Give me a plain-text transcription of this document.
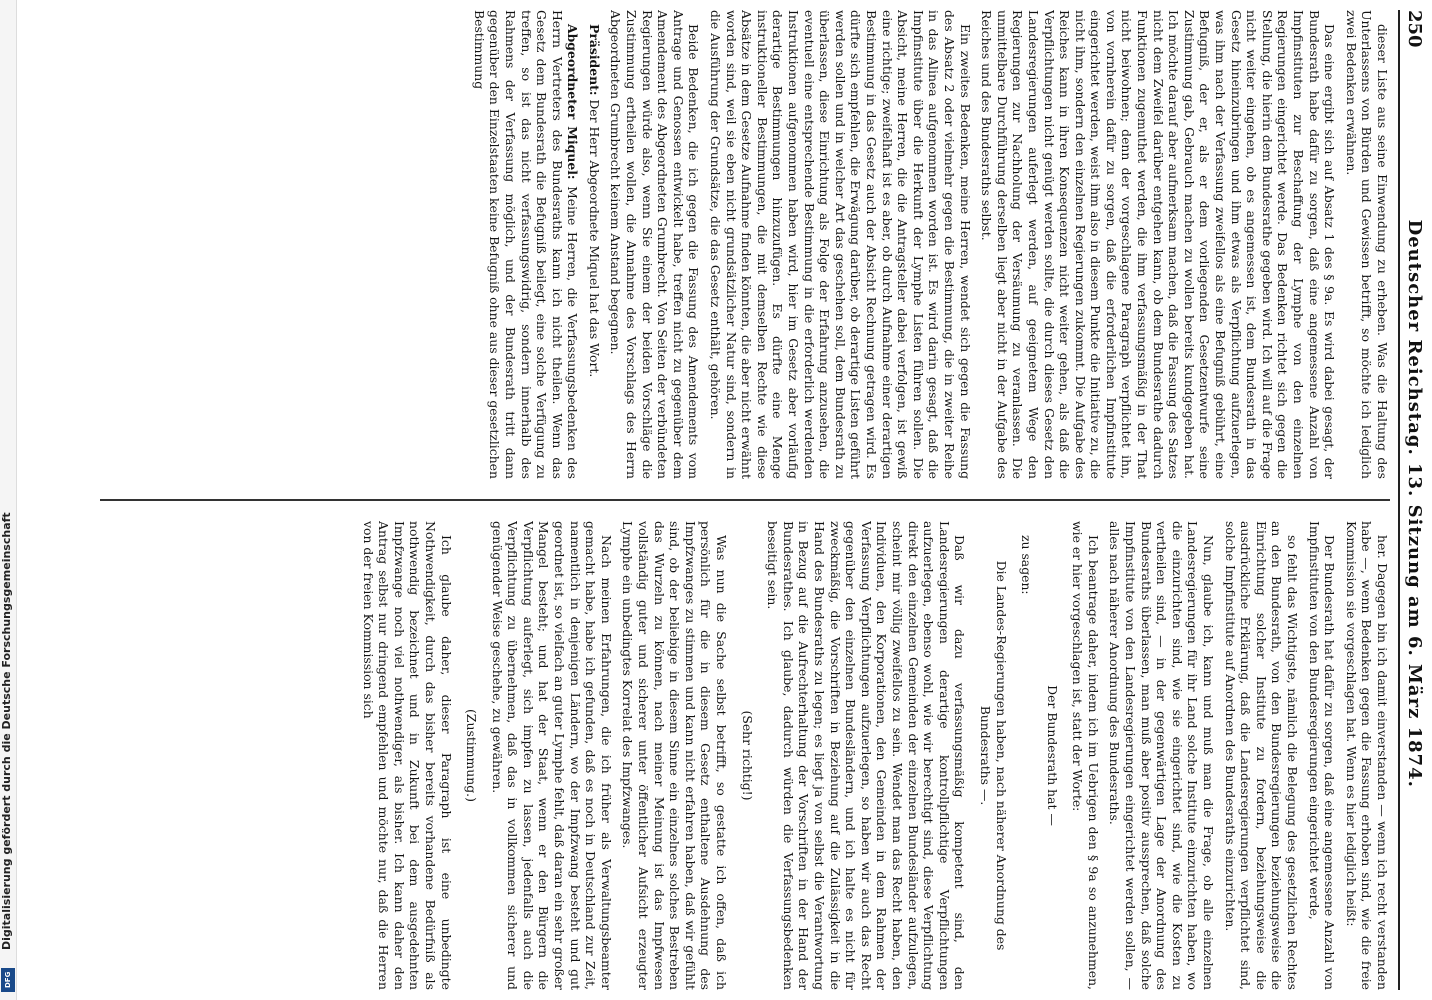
Digitalisierung gefördert durch die Deutsche Forschungsgemeinschaft
DFG
250
Deutscher Reichstag. 13. Sitzung am 6. März 1874.

dieser Liste aus seine Einwendung zu erheben. Was die Haltung des Unterlassens von Bürden und Gewissen betrifft, so möchte ich lediglich zwei Bedenken erwähnen.

Das eine ergibt sich auf Absatz 1 des § 9a. Es wird dabei gesagt, der Bundesrath habe dafür zu sorgen, daß eine angemessene Anzahl von Impfinstituten zur Beschaffung der Lymphe von den einzelnen Regierungen eingerichtet werde. Das Bedenken richtet sich gegen die Stellung, die hierin dem Bundesrathe gegeben wird. Ich will auf die Frage nicht weiter eingehen, ob es angemessen ist, dem Bundesrath in das Gesetz hineinzubringen und ihm etwas als Verpflichtung aufzuerlegen, was ihm nach der Verfassung zweifellos als eine Befugniß gebührt, eine Befugniß, der er, als er dem vorliegenden Gesetzentwurfe seine Zustimmung gab, Gebrauch machen zu wollen bereits kundgegeben hat. Ich möchte darauf aber aufmerksam machen, daß die Fassung des Satzes nicht dem Zweifel darüber entgehen kann, ob dem Bundesrathe dadurch Funktionen zugemuthet werden, die ihm verfassungsmäßig in der That nicht beiwohnen; denn der vorgeschlagene Paragraph verpflichtet ihn, von vornherein dafür zu sorgen, daß die erforderlichen Impfinstitute eingerichtet werden, weist ihm also in diesem Punkte die Initiative zu, die nicht ihm, sondern den einzelnen Regierungen zukommt. Die Aufgabe des Reiches kann in ihren Konsequenzen nicht weiter gehen, als daß die Verpflichtungen nicht genügt werden sollte, die durch dieses Gesetz den Landesregierungen auferlegt werden, auf geeignetem Wege den Regierungen zur Nachholung der Versäumung zu veranlassen. Die unmittelbare Durchführung derselben liegt aber nicht in der Aufgabe des Reiches und des Bundesraths selbst.

Ein zweites Bedenken, meine Herren, wendet sich gegen die Fassung des Absatz 2 oder vielmehr gegen die Bestimmung, die in zweiter Reihe in das Alinea aufgenommen worden ist. Es wird darin gesagt, daß die Impfinstitute über die Herkunft der Lymphe Listen führen sollen. Die Absicht, meine Herren, die die Antragsteller dabei verfolgen, ist gewiß eine richtige; zweifelhaft ist es aber, ob durch Aufnahme einer derartigen Bestimmung in das Gesetz auch der Absicht Rechnung getragen wird. Es dürfte sich empfehlen, die Erwägung darüber, ob derartige Listen geführt werden sollen und in welcher Art das geschehen soll, dem Bundesrath zu überlassen, diese Einrichtung als Folge der Erfahrung anzusehen, die eventuell eine entsprechende Bestimmung in die erforderlich werdenden Instruktionen aufgenommen haben wird, hier im Gesetz aber vorläufig derartige Bestimmungen hinzuzufügen. Es dürfte eine Menge instruktioneller Bestimmungen, die mit demselben Rechte wie diese Absätze in dem Gesetze Aufnahme finden könnten, die aber nicht erwähnt worden sind, weil sie eben nicht grundsätzlicher Natur sind, sondern in die Ausführung der Grundsätze, die das Gesetz enthält, gehören.

Beide Bedenken, die ich gegen die Fassung des Amendements vom Antrage und Genossen entwickelt habe, treffen nicht zu gegenüber dem Amendement des Abgeordneten Grumbrecht. Von Seiten der verbündeten Regierungen würde also, wenn Sie einem der beiden Vorschläge die Zustimmung ertheilen wollen, die Annahme des Vorschlags des Herrn Abgeordneten Grumbrecht keinem Anstand begegnen.

Präsident: Der Herr Abgeordnete Miquel hat das Wort.

Abgeordneter Miquel: Meine Herren, die Verfassungsbedenken des Herrn Vertreters des Bundesraths kann ich nicht theilen. Wenn das Gesetz dem Bundesrath die Befugniß beilegt, eine solche Verfügung zu treffen, so ist das nicht verfassungswidrig, sondern innerhalb des Rahmens der Verfassung möglich, und der Bundesrath tritt dann gegenüber den Einzelstaaten keine Befugniß ohne aus dieser gesetzlichen Bestimmung

her. Dagegen bin ich damit einverstanden — wenn ich recht verstanden habe —, wenn Bedenken gegen die Fassung erhoben sind, wie die freie Kommission sie vorgeschlagen hat. Wenn es hier lediglich heißt:

Der Bundesrath hat dafür zu sorgen, daß eine angemessene Anzahl von Impfinstituten von den Bundesregierungen eingerichtet werde,

so fehlt das Wichtigste, nämlich die Belegung des gesetzlichen Rechtes an den Bundesrath, von den Bundesregierungen beziehungsweise die Einrichtung solcher Institute zu fordern, beziehungsweise die ausdrückliche Erklärung, daß die Landesregierungen verpflichtet sind, solche Impfinstitute auf Anordnen des Bundesraths einzurichten.

Nun, glaube ich, kann und muß man die Frage, ob alle einzelnen Landesregierungen für ihr Land solche Institute einzurichten haben, wo die einzurichten sind, wie sie eingerichtet sind, wie die Kosten zu vertheilen sind, — in der gegenwärtigen Lage der Anordnung des Bundesraths überlassen, man muß aber positiv aussprechen, daß solche Impfinstitute von den Landesregierungen eingerichtet werden sollen, — alles nach näherer Anordnung des Bundesraths.

Ich beantrage daher, indem ich im Uebrigen den § 9a so anzunehmen, wie er hier vorgeschlagen ist, statt der Worte:

Der Bundesrath hat —

zu sagen:

Die Landes-Regierungen haben, nach näherer Anordnung des Bundesraths —.

Daß wir dazu verfassungsmäßig kompetent sind, den Landesregierungen derartige kontrollpflichtige Verpflichtungen aufzuerlegen, ebenso wohl, wie wir berechtigt sind, diese Verpflichtung direkt den einzelnen Gemeinden der einzelnen Bundesländer aufzulegen, scheint mir völlig zweifellos zu sein. Wendet man das Recht haben, den Individuen, den Korporationen, den Gemeinden in dem Rahmen der Verfassung Verpflichtungen aufzuerlegen, so haben wir auch das Recht gegenüber den einzelnen Bundesländern, und ich halte es nicht für zweckmäßig, die Vorschriften in Beziehung auf die Zulässigkeit in die Hand des Bundesraths zu legen; es liegt ja von selbst die Verantwortung in Bezug auf die Aufrechterhaltung der Vorschriften in der Hand der Bundesrathes. Ich glaube, dadurch würden die Verfassungsbedenken beseitigt sein.

(Sehr richtig!)

Was nun die Sache selbst betrifft, so gestatte ich offen, daß ich persönlich für die in diesem Gesetz enthaltene Ausdehnung des Impfzwanges zu stimmen und kann nicht erfahren haben, daß wir gefühlt sind, ob der beliebige in diesem Sinne ein einzelnes solches Bestreben das Wurzeln zu können, nach meiner Meinung ist das Impfwesen vollständig guter und sicherer unter öffentlicher Aufsicht erzeugter Lymphe ein unbedingtes Korrelat des Impfzwanges.

Nach meinen Erfahrungen, die ich früher als Verwaltungsbeamter gemacht habe, habe ich gefunden, daß es noch in Deutschland zur Zeit, namentlich in denjenigen Ländern, wo der Impfzwang besteht und gut geordnet ist, so vielfach an guter Lymphe fehlt, daß daran ein sehr großer Mangel besteht; und hat der Staat, wenn er den Bürgern die Verpflichtung auferlegt, sich impfen zu lassen, jedenfalls auch die Verpflichtung zu übernehmen, daß das in vollkommen sicherer und genügender Weise geschehe, zu gewähren.

(Zustimmung.)

Ich glaube daher, dieser Paragraph ist eine unbedingte Nothwendigkeit, durch das bisher bereits vorhandene Bedürfniß als nothwendig bezeichnet und in Zukunft bei dem ausgedehnten Impfzwange noch viel nothwendiger, als bisher. Ich kann daher den Antrag selbst nur dringend empfehlen und möchte nur, daß die Herren von der freien Kommission sich
